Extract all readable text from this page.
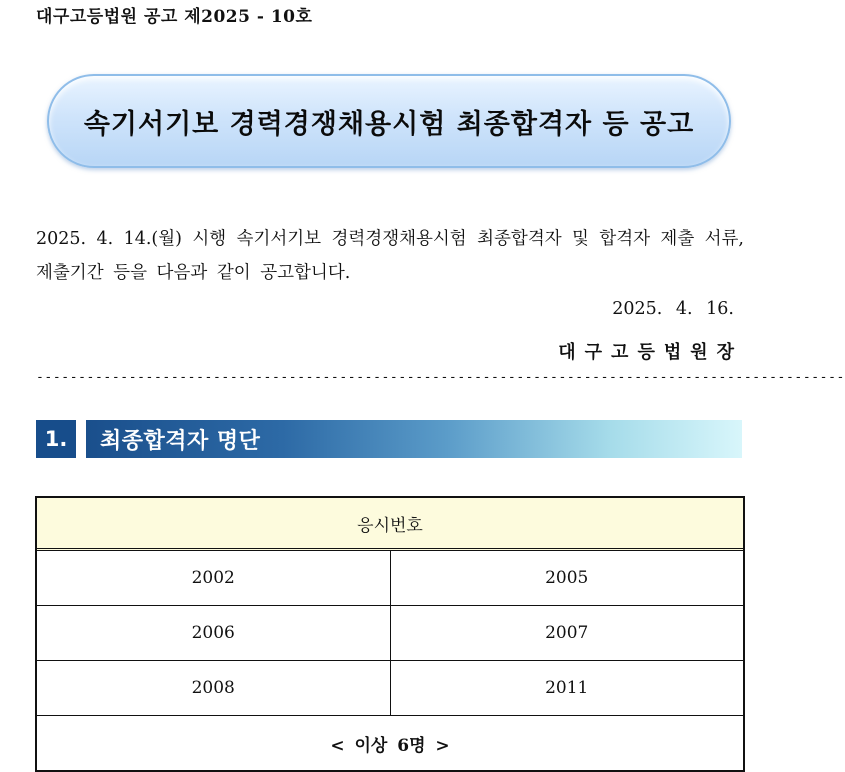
대구고등법원 공고 제2025 - 10호
속기서기보 경력경쟁채용시험 최종합격자 등 공고
2025. 4. 14.(월) 시행 속기서기보 경력경쟁채용시험 최종합격자 및 합격자 제출 서류, 제출기간 등을 다음과 같이 공고합니다.
2025. 4. 16.
대구고등법원장
------------------------------------------------------------------------------------------------
1.	최종합격자 명단
응시번호
2002	2005
2006	2007
2008	2011
< 이상 6명 >
